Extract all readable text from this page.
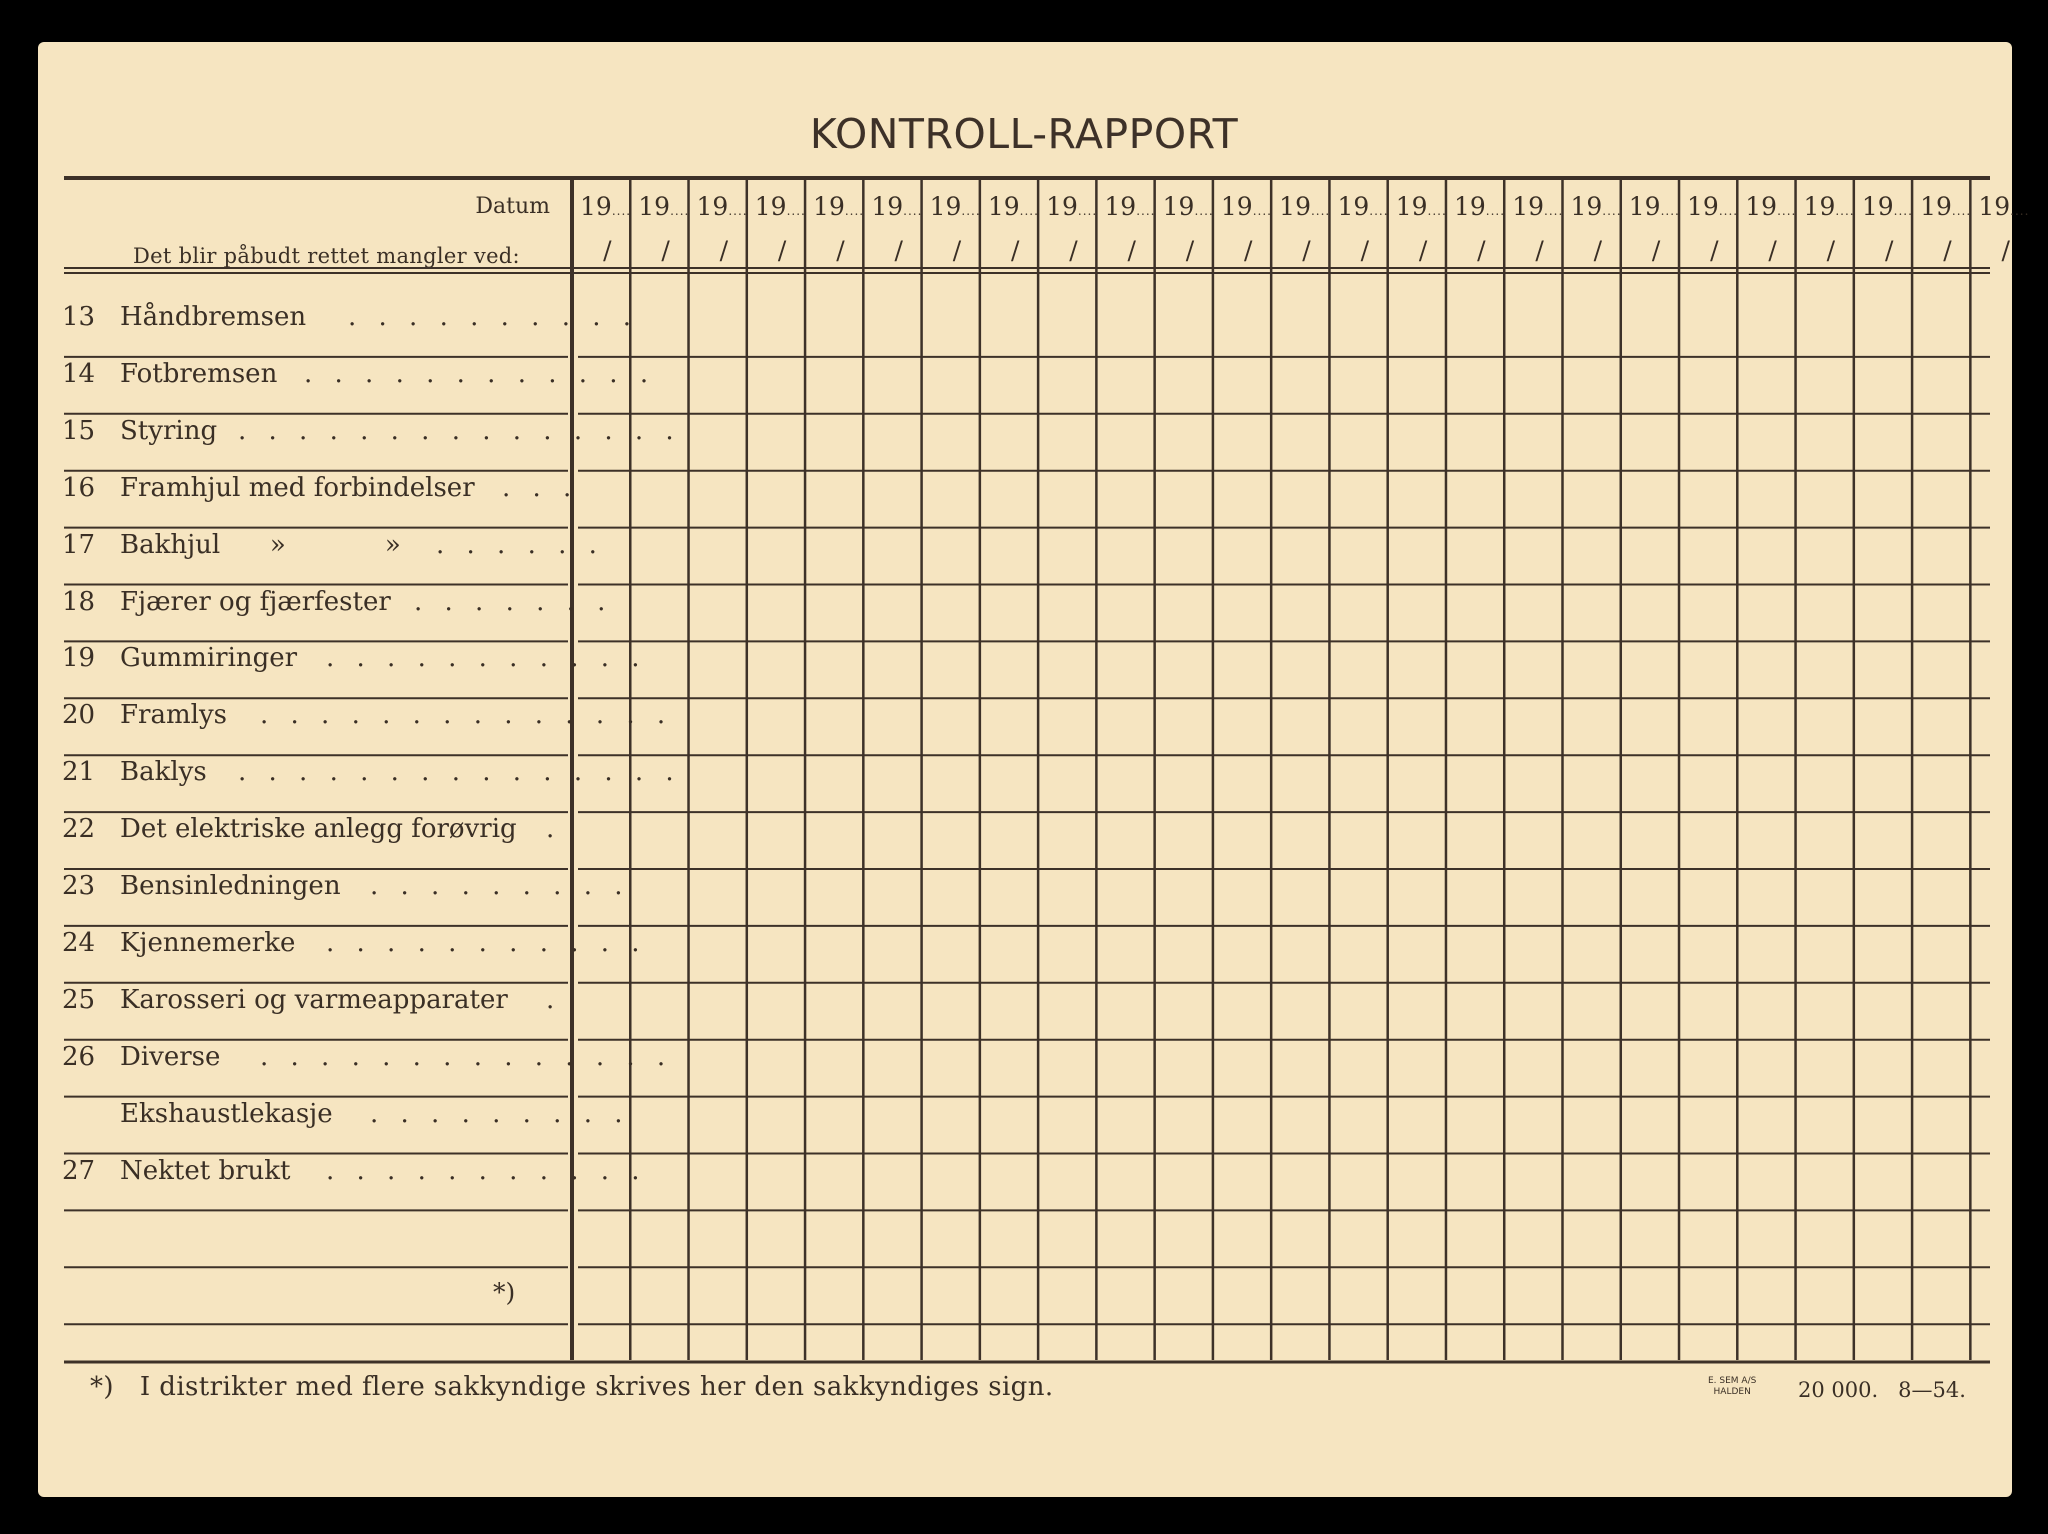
KONTROLL-RAPPORT
Datum
Det blir påbudt rettet mangler ved:
19....
/
19....
/
19....
/
19....
/
19....
/
19....
/
19....
/
19....
/
19....
/
19....
/
19....
/
19....
/
19....
/
19....
/
19....
/
19....
/
19....
/
19....
/
19....
/
19....
/
19....
/
19....
/
19....
/
19....
/
19....
/
13 Håndbremsen . . . . . . . . . .
14 Fotbremsen . . . . . . . . . . . .
15 Styring . . . . . . . . . . . . . . .
16 Framhjul med forbindelser . . .
17 Bakhjul      »            » . . . . . .
18 Fjærer og fjærfester . . . . . . .
19 Gummiringer . . . . . . . . . . .
20 Framlys . . . . . . . . . . . . . .
21 Baklys . . . . . . . . . . . . . . .
22 Det elektriske anlegg forøvrig .
23 Bensinledningen . . . . . . . . .
24 Kjennemerke . . . . . . . . . . .
25 Karosseri og varmeapparater .
26 Diverse . . . . . . . . . . . . . .
Ekshaustlekasje . . . . . . . . .
27 Nektet brukt . . . . . . . . . . .
*)
*)   I distrikter med flere sakkyndige skrives her den sakkyndiges sign.	E. SEM A/S
HALDEN 20 000.   8—54.
